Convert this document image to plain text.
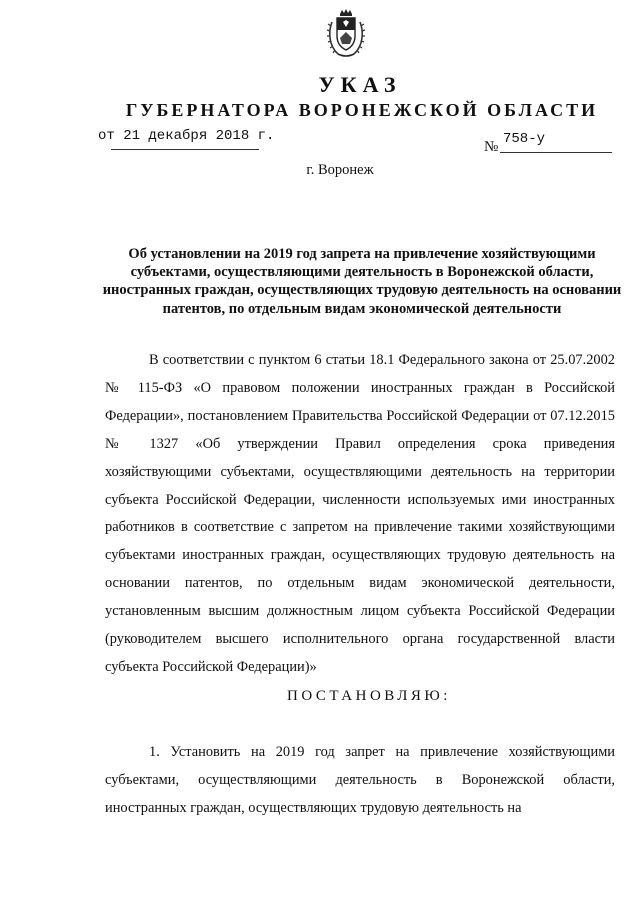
УКАЗ
ГУБЕРНАТОРА ВОРОНЕЖСКОЙ ОБЛАСТИ
от 21 декабря 2018 г.
№ 758-у
г. Воронеж
Об установлении на 2019 год запрета на привлечение хозяйствующими субъектами, осуществляющими деятельность в Воронежской области, иностранных граждан, осуществляющих трудовую деятельность на основании патентов, по отдельным видам экономической деятельности
В соответствии с пунктом 6 статьи 18.1 Федерального закона от 25.07.2002 № 115-ФЗ «О правовом положении иностранных граждан в Российской Федерации», постановлением Правительства Российской Федерации от 07.12.2015 № 1327 «Об утверждении Правил определения срока приведения хозяйствующими субъектами, осуществляющими деятельность на территории субъекта Российской Федерации, численности используемых ими иностранных работников в соответствие с запретом на привлечение такими хозяйствующими субъектами иностранных граждан, осуществляющих трудовую деятельность на основании патентов, по отдельным видам экономической деятельности, установленным высшим должностным лицом субъекта Российской Федерации (руководителем высшего исполнительного органа государственной власти субъекта Российской Федерации)»
ПОСТАНОВЛЯЮ:
1. Установить на 2019 год запрет на привлечение хозяйствующими субъектами, осуществляющими деятельность в Воронежской области, иностранных граждан, осуществляющих трудовую деятельность на
